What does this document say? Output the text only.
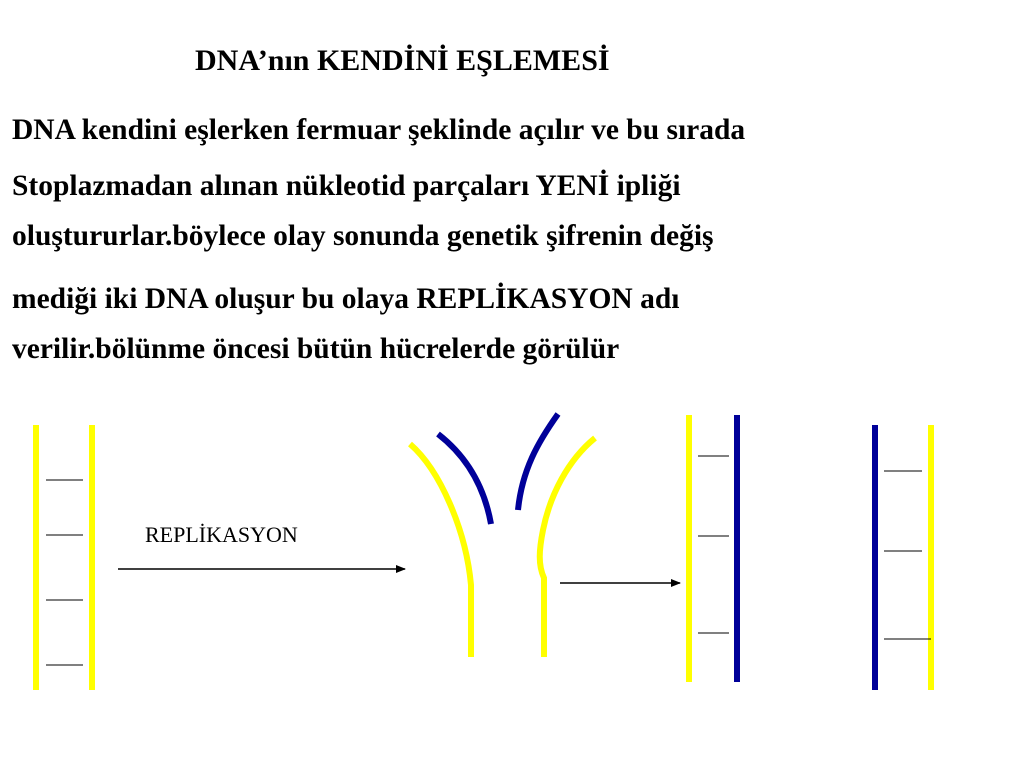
DNA’nın KENDİNİ EŞLEMESİ
DNA kendini eşlerken fermuar şeklinde açılır ve bu sırada
Stoplazmadan alınan nükleotid parçaları YENİ ipliği
oluştururlar.böylece olay sonunda genetik şifrenin değiş
mediği iki DNA oluşur bu olaya REPLİKASYON adı
verilir.bölünme öncesi bütün hücrelerde görülür
REPLİKASYON
